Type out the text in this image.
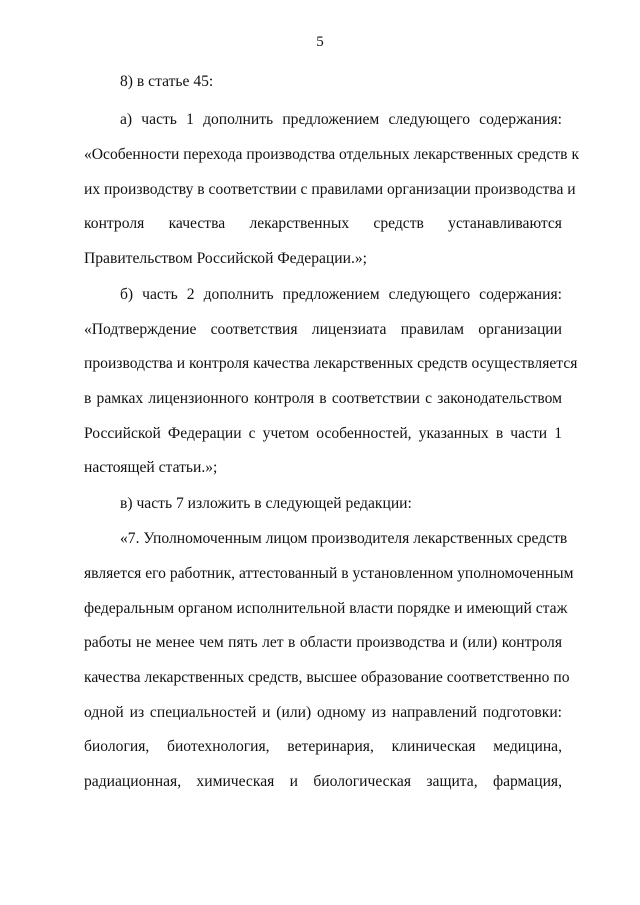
5
8) в статье 45:
а) часть 1 дополнить предложением следующего содержания:
«Особенности перехода производства отдельных лекарственных средств к
их производству в соответствии с правилами организации производства и
контроля качества лекарственных средств устанавливаются
Правительством Российской Федерации.»;
б) часть 2 дополнить предложением следующего содержания:
«Подтверждение соответствия лицензиата правилам организации
производства и контроля качества лекарственных средств осуществляется
в рамках лицензионного контроля в соответствии с законодательством
Российской Федерации с учетом особенностей, указанных в части 1
настоящей статьи.»;
в) часть 7 изложить в следующей редакции:
«7. Уполномоченным лицом производителя лекарственных средств
является его работник, аттестованный в установленном уполномоченным
федеральным органом исполнительной власти порядке и имеющий стаж
работы не менее чем пять лет в области производства и (или) контроля
качества лекарственных средств, высшее образование соответственно по
одной из специальностей и (или) одному из направлений подготовки:
биология, биотехнология, ветеринария, клиническая медицина,
радиационная, химическая и биологическая защита, фармация,
